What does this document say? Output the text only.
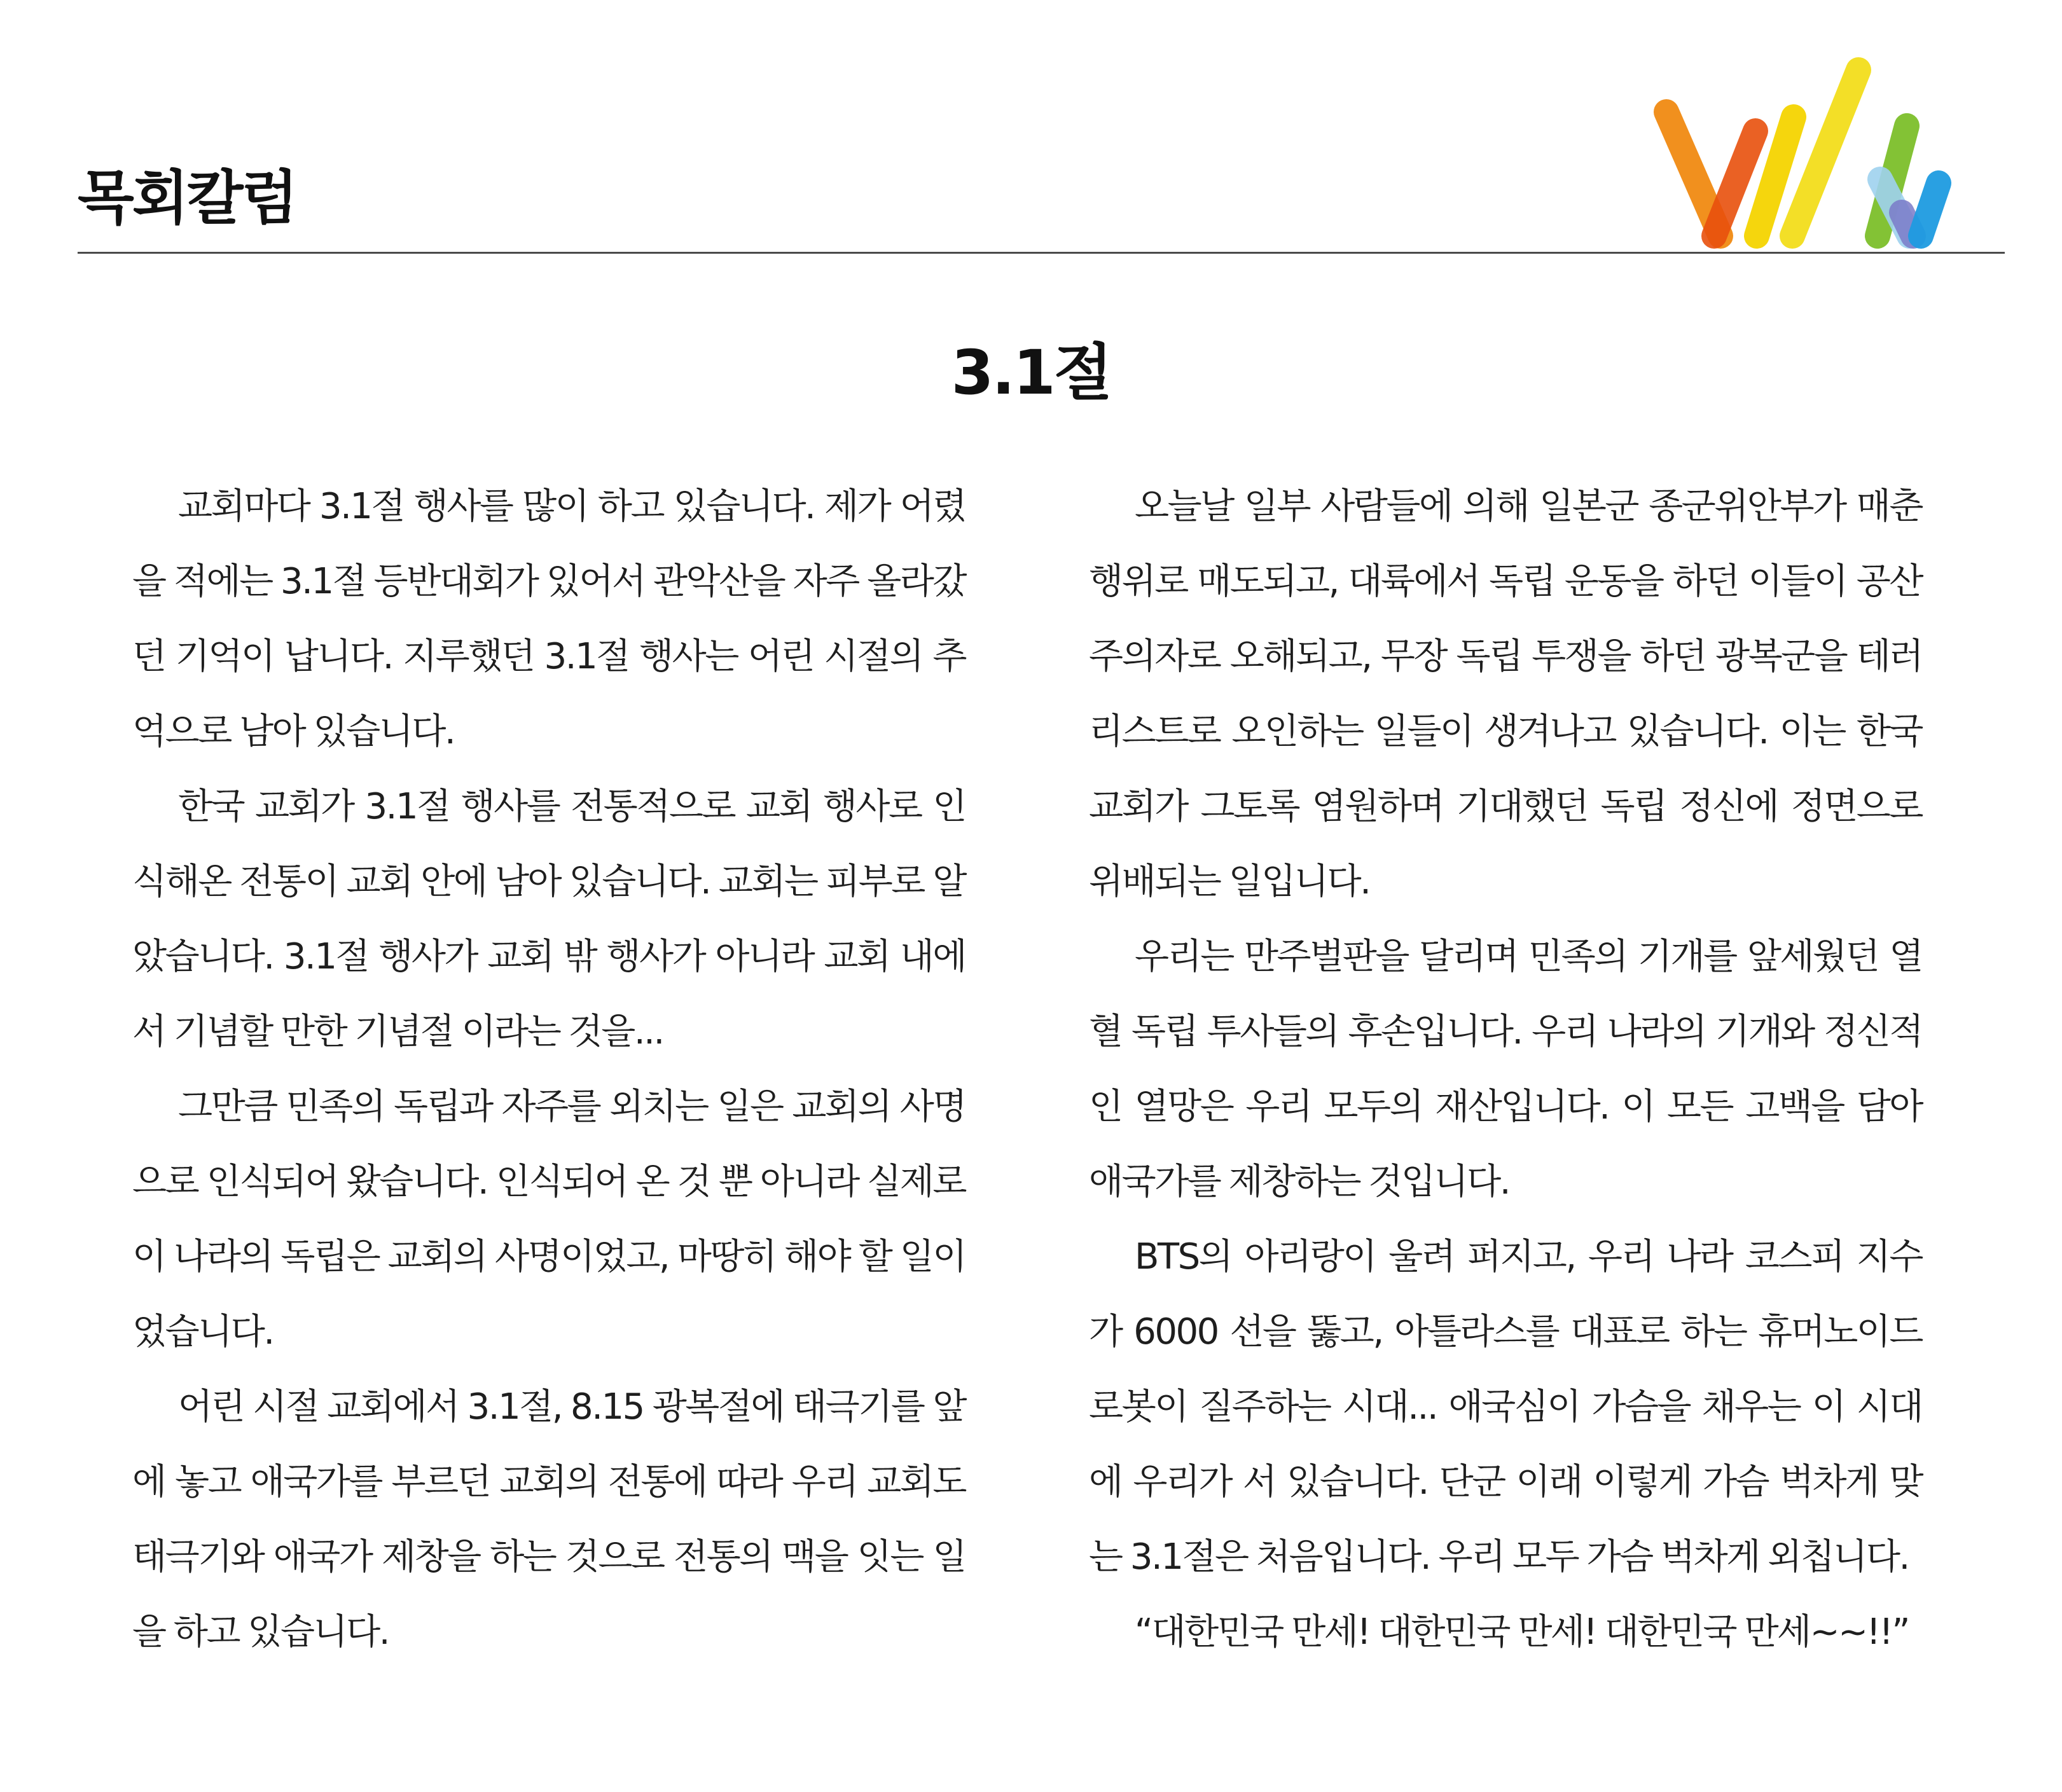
목회칼럼
3.1절

교회마다 3.1절 행사를 많이 하고 있습니다. 제가 어렸을 적에는 3.1절 등반대회가 있어서 관악산을 자주 올라갔던 기억이 납니다. 지루했던 3.1절 행사는 어린 시절의 추억으로 남아 있습니다.

한국 교회가 3.1절 행사를 전통적으로 교회 행사로 인식해온 전통이 교회 안에 남아 있습니다. 교회는 피부로 알았습니다. 3.1절 행사가 교회 밖 행사가 아니라 교회 내에서 기념할 만한 기념절 이라는 것을...

그만큼 민족의 독립과 자주를 외치는 일은 교회의 사명으로 인식되어 왔습니다. 인식되어 온 것 뿐 아니라 실제로 이 나라의 독립은 교회의 사명이었고, 마땅히 해야 할 일이었습니다.

어린 시절 교회에서 3.1절, 8.15 광복절에 태극기를 앞에 놓고 애국가를 부르던 교회의 전통에 따라 우리 교회도 태극기와 애국가 제창을 하는 것으로 전통의 맥을 잇는 일을 하고 있습니다.

오늘날 일부 사람들에 의해 일본군 종군위안부가 매춘행위로 매도되고, 대륙에서 독립 운동을 하던 이들이 공산주의자로 오해되고, 무장 독립 투쟁을 하던 광복군을 테러리스트로 오인하는 일들이 생겨나고 있습니다. 이는 한국 교회가 그토록 염원하며 기대했던 독립 정신에 정면으로 위배되는 일입니다.

우리는 만주벌판을 달리며 민족의 기개를 앞세웠던 열혈 독립 투사들의 후손입니다. 우리 나라의 기개와 정신적인 열망은 우리 모두의 재산입니다. 이 모든 고백을 담아 애국가를 제창하는 것입니다.

BTS의 아리랑이 울려 퍼지고, 우리 나라 코스피 지수가 6000 선을 뚫고, 아틀라스를 대표로 하는 휴머노이드 로봇이 질주하는 시대... 애국심이 가슴을 채우는 이 시대에 우리가 서 있습니다. 단군 이래 이렇게 가슴 벅차게 맞는 3.1절은 처음입니다. 우리 모두 가슴 벅차게 외칩니다.

“대한민국 만세! 대한민국 만세! 대한민국 만세~~!!”
